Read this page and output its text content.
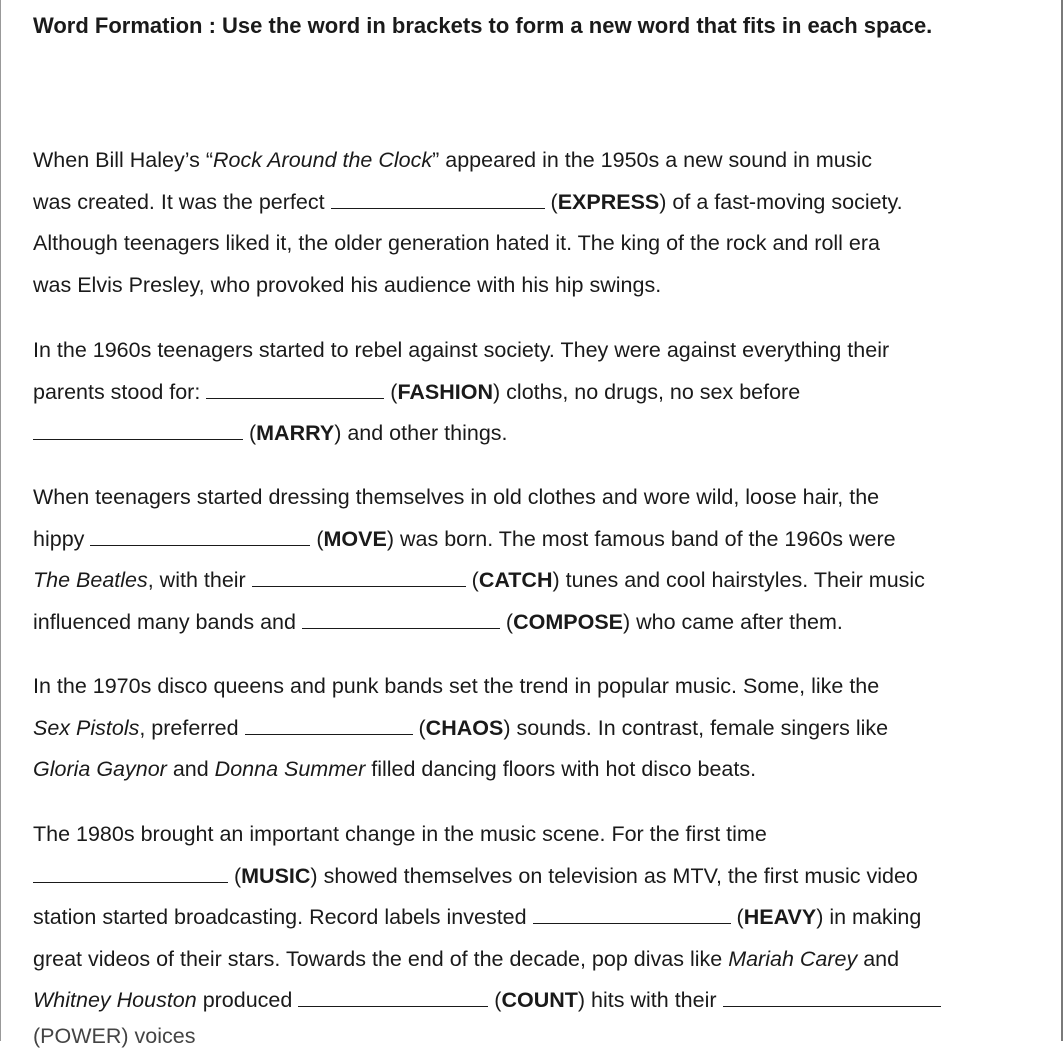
Word Formation : Use the word in brackets to form a new word that fits in each space.
When Bill Haley’s “Rock Around the Clock” appeared in the 1950s a new sound in music
was created. It was the perfect	(EXPRESS) of a fast-moving society.
Although teenagers liked it, the older generation hated it. The king of the rock and roll era
was Elvis Presley, who provoked his audience with his hip swings.
In the 1960s teenagers started to rebel against society. They were against everything their
parents stood for:	(FASHION) cloths, no drugs, no sex before
(MARRY) and other things.
When teenagers started dressing themselves in old clothes and wore wild, loose hair, the
hippy	(MOVE) was born. The most famous band of the 1960s were
The Beatles, with their	(CATCH) tunes and cool hairstyles. Their music
influenced many bands and	(COMPOSE) who came after them.
In the 1970s disco queens and punk bands set the trend in popular music. Some, like the
Sex Pistols, preferred	(CHAOS) sounds. In contrast, female singers like
Gloria Gaynor and Donna Summer filled dancing floors with hot disco beats.
The 1980s brought an important change in the music scene. For the first time
(MUSIC) showed themselves on television as MTV, the first music video
station started broadcasting. Record labels invested	(HEAVY) in making
great videos of their stars. Towards the end of the decade, pop divas like Mariah Carey and
Whitney Houston produced	(COUNT) hits with their
(POWER) voices
